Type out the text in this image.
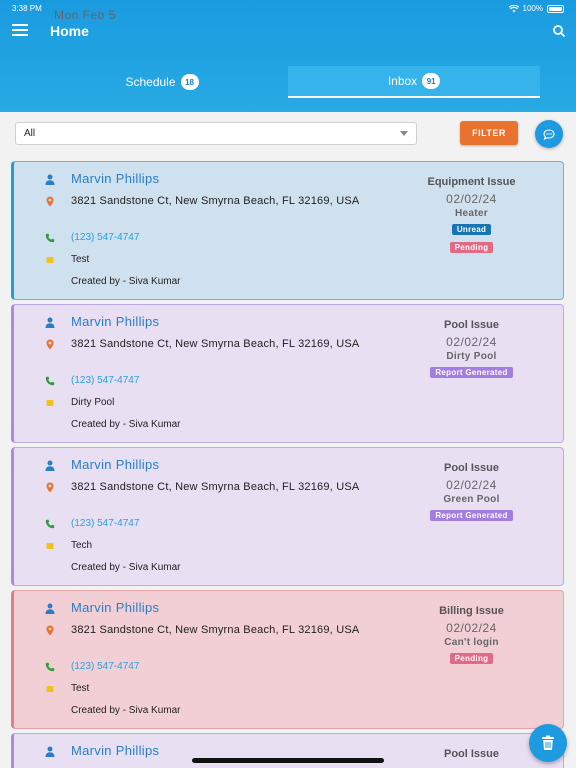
3:38 PM Mon Feb 5	100%
Home
Schedule	18	Inbox	91
All	FILTER
Marvin Phillips
3821 Sandstone Ct, New Smyrna Beach, FL 32169, USA
(123) 547-4747
Test
Created by - Siva Kumar
Equipment Issue
02/02/24
Heater
Unread
Pending
Marvin Phillips
3821 Sandstone Ct, New Smyrna Beach, FL 32169, USA
(123) 547-4747
Dirty Pool
Created by - Siva Kumar
Pool Issue
02/02/24
Dirty Pool
Report Generated
Marvin Phillips
3821 Sandstone Ct, New Smyrna Beach, FL 32169, USA
(123) 547-4747
Tech
Created by - Siva Kumar
Pool Issue
02/02/24
Green Pool
Report Generated
Marvin Phillips
3821 Sandstone Ct, New Smyrna Beach, FL 32169, USA
(123) 547-4747
Test
Created by - Siva Kumar
Billing Issue
02/02/24
Can't login
Pending
Marvin Phillips	Pool Issue
